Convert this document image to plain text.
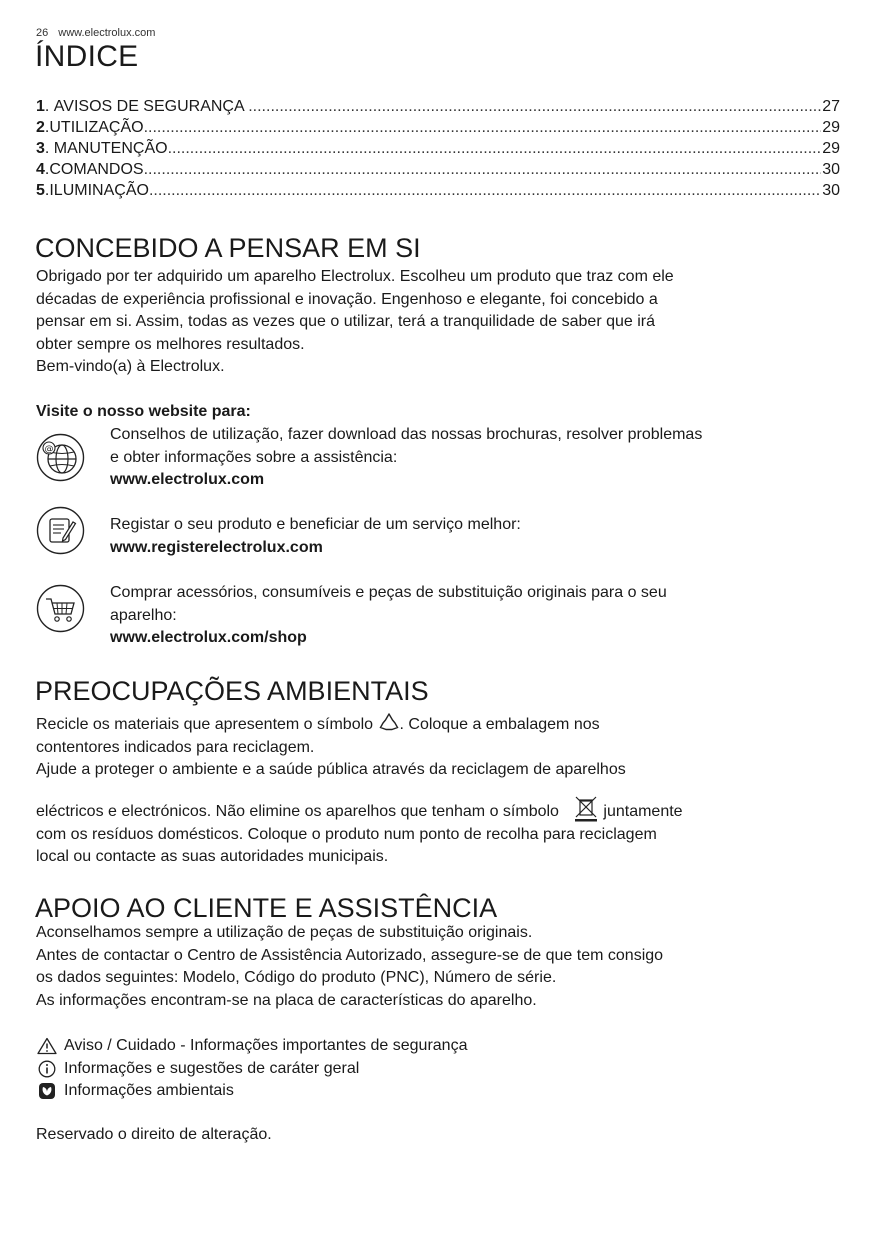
26 www.electrolux.com
ÍNDICE
1 . AVISOS DE SEGURANÇA .....	27
2 . UTILIZAÇÃO .....	29
3 . MANUTENÇÃO .....	29
4 . COMANDOS .....	30
5 . ILUMINAÇÃO .....	30
CONCEBIDO A PENSAR EM SI

Obrigado por ter adquirido um aparelho Electrolux. Escolheu um produto que traz com ele

décadas de experiência profissional e inovação. Engenhoso e elegante, foi concebido a

pensar em si. Assim, todas as vezes que o utilizar, terá a tranquilidade de saber que irá

obter sempre os melhores resultados.

Bem-vindo(a) à Electrolux.

Visite o nosso website para:
@
Conselhos de utilização, fazer download das nossas brochuras, resolver problemas
e obter informações sobre a assistência:
www.electrolux.com
Registar o seu produto e beneficiar de um serviço melhor:
www.registerelectrolux.com
Comprar acessórios, consumíveis e peças de substituição originais para o seu
aparelho:
www.electrolux.com/shop
PREOCUPAÇÕES AMBIENTAIS

Recicle os materiais que apresentem o símbolo . Coloque a embalagem nos

contentores indicados para reciclagem.

Ajude a proteger o ambiente e a saúde pública através da reciclagem de aparelhos

eléctricos e electrónicos. Não elimine os aparelhos que tenham o símbolo	juntamente

com os resíduos domésticos. Coloque o produto num ponto de recolha para reciclagem

local ou contacte as suas autoridades municipais.

APOIO AO CLIENTE E ASSISTÊNCIA

Aconselhamos sempre a utilização de peças de substituição originais.

Antes de contactar o Centro de Assistência Autorizado, assegure-se de que tem consigo

os dados seguintes: Modelo, Código do produto (PNC), Número de série.

As informações encontram-se na placa de características do aparelho.

Aviso / Cuidado - Informações importantes de segurança
Informações e sugestões de caráter geral
Informações ambientais
Reservado o direito de alteração.
